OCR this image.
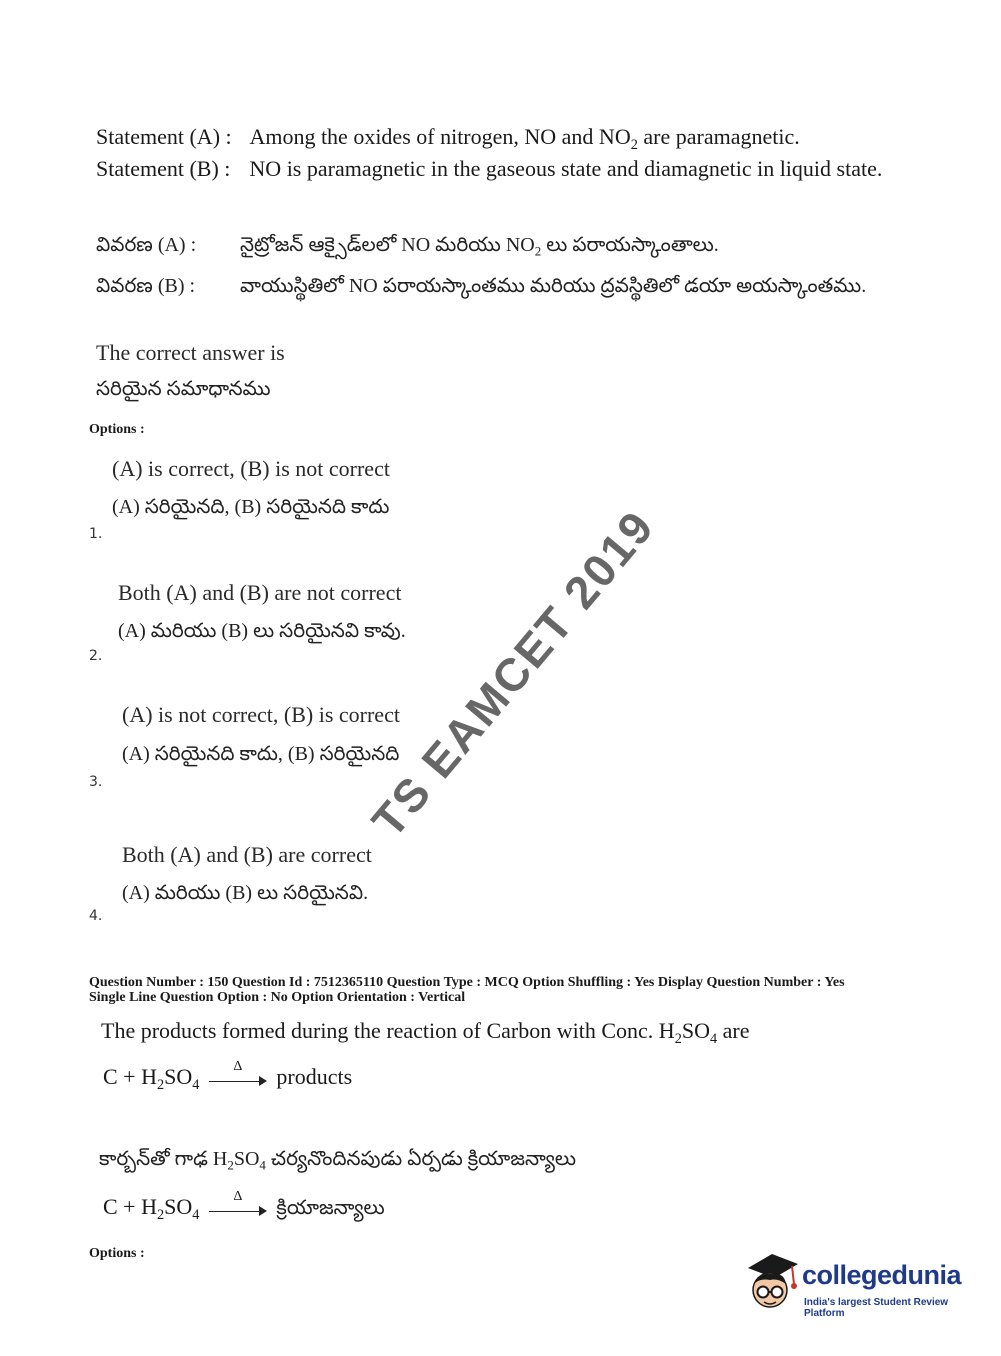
Statement (A) : Among the oxides of nitrogen, NO and $NO_2$ are paramagnetic.
Statement (B) : NO is paramagnetic in the gaseous state and diamagnetic in liquid state.
వివరణ (A) : నైట్రోజన్ ఆక్సైడ్‌లలో NO మరియు $NO_2$ లు పరాయస్కాంతాలు.
వివరణ (B) : వాయుస్థితిలో NO పరాయస్కాంతము మరియు ద్రవస్థితిలో డయా అయస్కాంతము.
The correct answer is
సరియైన సమాధానము
Options :
(A) is correct, (B) is not correct
(A) సరియైనది, (B) సరియైనది కాదు
1.
Both (A) and (B) are not correct
(A) మరియు (B) లు సరియైనవి కావు.
2.
(A) is not correct, (B) is correct
(A) సరియైనది కాదు, (B) సరియైనది
3.
Both (A) and (B) are correct
(A) మరియు (B) లు సరియైనవి.
4.
Question Number : 150 Question Id : 7512365110 Question Type : MCQ Option Shuffling : Yes Display Question Number : Yes
Single Line Question Option : No Option Orientation : Vertical
The products formed during the reaction of Carbon with Conc. $H_2SO_4$ are
$C + H_2SO_4$
Δ	products
కార్బన్‌తో గాఢ $H_2SO_4$ చర్యనొందినపుడు ఏర్పడు క్రియాజన్యాలు
$C + H_2SO_4$
Δ
క్రియాజన్యాలు
Options :
TS EAMCET 2019
collegedunia
India's largest Student Review Platform
